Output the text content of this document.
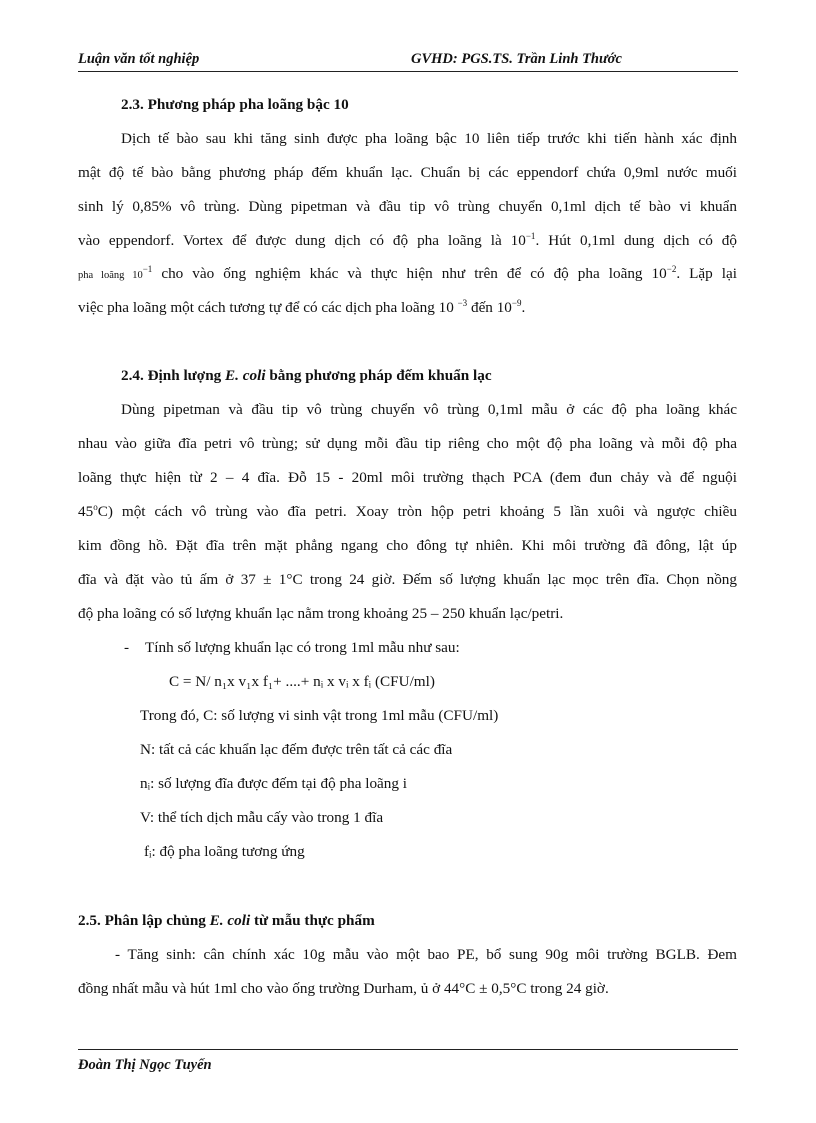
Luận văn tốt nghiệp	GVHD: PGS.TS. Trần Linh Thước
2.3. Phương pháp pha loãng bậc 10
Dịch tế bào sau khi tăng sinh được pha loãng bậc 10 liên tiếp trước khi tiến hành xác định
mật độ tế bào bằng phương pháp đếm khuẩn lạc. Chuẩn bị các eppendorf chứa 0,9ml nước muối
sinh lý 0,85% vô trùng. Dùng pipetman và đầu tip vô trùng chuyển 0,1ml dịch tế bào vi khuẩn
vào eppendorf. Vortex để được dung dịch có độ pha loãng là $10^{-1}$. Hút 0,1ml dung dịch có độ
pha loãng $10^{-1}$ cho vào ống nghiệm khác và thực hiện như trên để có độ pha loãng $10^{-2}$. Lặp lại
việc pha loãng một cách tương tự để có các dịch pha loãng 10 $^{-3}$ đến $10^{-9}$.
2.4. Định lượng E. coli bằng phương pháp đếm khuẩn lạc
Dùng pipetman và đầu tip vô trùng chuyển vô trùng 0,1ml mẫu ở các độ pha loãng khác
nhau vào giữa đĩa petri vô trùng; sử dụng mỗi đầu tip riêng cho một độ pha loãng và mỗi độ pha
loãng thực hiện từ 2 – 4 đĩa. Đỗ 15 - 20ml môi trường thạch PCA (đem đun chảy và để nguội
45$^o$C) một cách vô trùng vào đĩa petri. Xoay tròn hộp petri khoảng 5 lần xuôi và ngược chiều
kim đồng hồ. Đặt đĩa trên mặt phẳng ngang cho đông tự nhiên. Khi môi trường đã đông, lật úp
đĩa và đặt vào tủ ấm ở 37 ± 1°C trong 24 giờ. Đếm số lượng khuẩn lạc mọc trên đĩa. Chọn nồng
độ pha loãng có số lượng khuẩn lạc nằm trong khoảng 25 – 250 khuẩn lạc/petri.
- Tính số lượng khuẩn lạc có trong 1ml mẫu như sau:
C = N/ n₁x v₁x f₁+ ....+ nᵢ x vᵢ x fᵢ (CFU/ml)
Trong đó, C: số lượng vi sinh vật trong 1ml mẫu (CFU/ml)
N: tất cả các khuẩn lạc đếm được trên tất cả các đĩa
nᵢ: số lượng đĩa được đếm tại độ pha loãng i
V: thể tích dịch mẫu cấy vào trong 1 đĩa
fᵢ: độ pha loãng tương ứng
2.5. Phân lập chủng E. coli từ mẫu thực phẩm
- Tăng sinh: cân chính xác 10g mẫu vào một bao PE, bổ sung 90g môi trường BGLB. Đem
đồng nhất mẫu và hút 1ml cho vào ống trường Durham, ủ ở 44°C ± 0,5°C trong 24 giờ.
Đoàn Thị Ngọc Tuyến
